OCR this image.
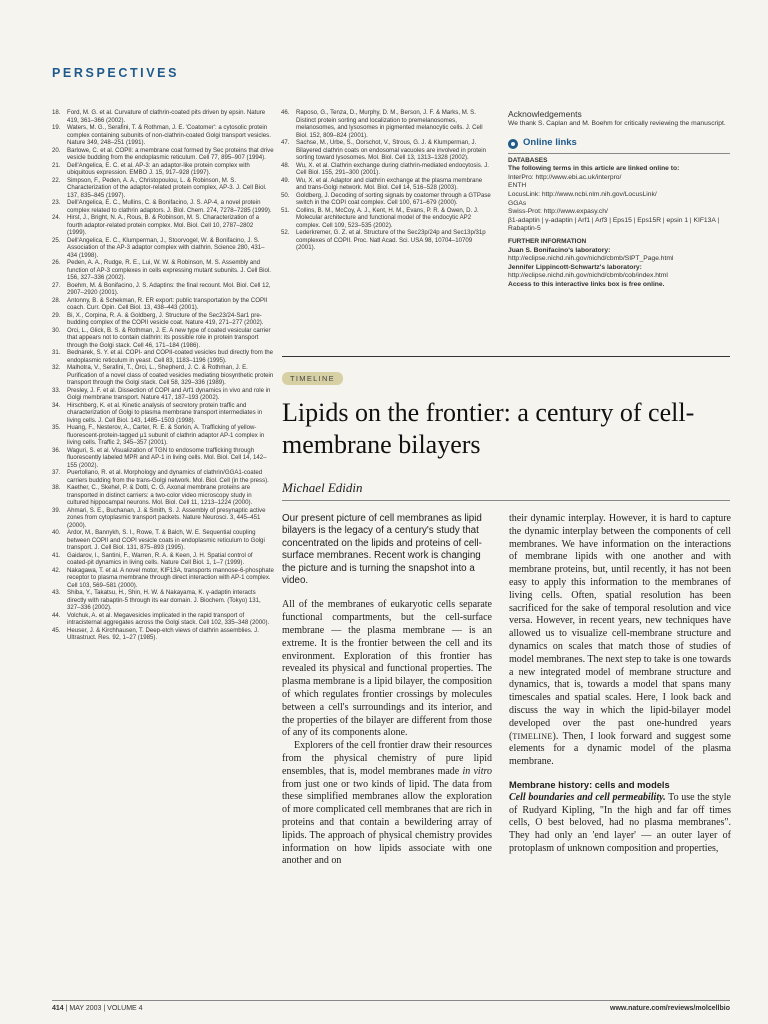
PERSPECTIVES
18.	Ford, M. G. et al. Curvature of clathrin-coated pits driven by epsin. Nature 419, 361–366 (2002).
19.	Waters, M. G., Serafini, T. & Rothman, J. E. 'Coatomer': a cytosolic protein complex containing subunits of non-clathrin-coated Golgi transport vesicles. Nature 349, 248–251 (1991).
20.	Barlowe, C. et al. COPII: a membrane coat formed by Sec proteins that drive vesicle budding from the endoplasmic reticulum. Cell 77, 895–907 (1994).
21.	Dell'Angelica, E. C. et al. AP-3: an adaptor-like protein complex with ubiquitous expression. EMBO J. 15, 917–928 (1997).
22.	Simpson, F., Peden, A. A., Christopoulou, L. & Robinson, M. S. Characterization of the adaptor-related protein complex, AP-3. J. Cell Biol. 137, 835–845 (1997).
23.	Dell'Angelica, E. C., Mullins, C. & Bonifacino, J. S. AP-4, a novel protein complex related to clathrin adaptors. J. Biol. Chem. 274, 7278–7285 (1999).
24.	Hirst, J., Bright, N. A., Rous, B. & Robinson, M. S. Characterization of a fourth adaptor-related protein complex. Mol. Biol. Cell 10, 2787–2802 (1999).
25.	Dell'Angelica, E. C., Klumperman, J., Stoorvogel, W. & Bonifacino, J. S. Association of the AP-3 adaptor complex with clathrin. Science 280, 431–434 (1998).
26.	Peden, A. A., Rudge, R. E., Lui, W. W. & Robinson, M. S. Assembly and function of AP-3 complexes in cells expressing mutant subunits. J. Cell Biol. 156, 327–336 (2002).
27.	Boehm, M. & Bonifacino, J. S. Adaptins: the final recount. Mol. Biol. Cell 12, 2907–2920 (2001).
28.	Antonny, B. & Schekman, R. ER export: public transportation by the COPII coach. Curr. Opin. Cell Biol. 13, 438–443 (2001).
29.	Bi, X., Corpina, R. A. & Goldberg, J. Structure of the Sec23/24-Sar1 pre-budding complex of the COPII vesicle coat. Nature 419, 271–277 (2002).
30.	Orci, L., Glick, B. S. & Rothman, J. E. A new type of coated vesicular carrier that appears not to contain clathrin: its possible role in protein transport through the Golgi stack. Cell 46, 171–184 (1986).
31.	Bednarek, S. Y. et al. COPI- and COPII-coated vesicles bud directly from the endoplasmic reticulum in yeast. Cell 83, 1183–1196 (1995).
32.	Malhotra, V., Serafini, T., Orci, L., Shepherd, J. C. & Rothman, J. E. Purification of a novel class of coated vesicles mediating biosynthetic protein transport through the Golgi stack. Cell 58, 329–336 (1989).
33.	Presley, J. F. et al. Dissection of COPI and Arf1 dynamics in vivo and role in Golgi membrane transport. Nature 417, 187–193 (2002).
34.	Hirschberg, K. et al. Kinetic analysis of secretory protein traffic and characterization of Golgi to plasma membrane transport intermediates in living cells. J. Cell Biol. 143, 1485–1503 (1998).
35.	Huang, F., Nesterov, A., Carter, R. E. & Sorkin, A. Trafficking of yellow-fluorescent-protein-tagged μ1 subunit of clathrin adaptor AP-1 complex in living cells. Traffic 2, 345–357 (2001).
36.	Waguri, S. et al. Visualization of TGN to endosome trafficking through fluorescently labeled MPR and AP-1 in living cells. Mol. Biol. Cell 14, 142–155 (2002).
37.	Puertollano, R. et al. Morphology and dynamics of clathrin/GGA1-coated carriers budding from the trans-Golgi network. Mol. Biol. Cell (in the press).
38.	Kaether, C., Skehel, P. & Dotti, C. G. Axonal membrane proteins are transported in distinct carriers: a two-color video microscopy study in cultured hippocampal neurons. Mol. Biol. Cell 11, 1213–1224 (2000).
39.	Ahmari, S. E., Buchanan, J. & Smith, S. J. Assembly of presynaptic active zones from cytoplasmic transport packets. Nature Neurosci. 3, 445–451 (2000).
40.	Ardor, M., Bannykh, S. I., Rowe, T. & Balch, W. E. Sequential coupling between COPII and COPI vesicle coats in endoplasmic reticulum to Golgi transport. J. Cell Biol. 131, 875–893 (1995).
41.	Gaidarov, I., Santini, F., Warren, R. A. & Keen, J. H. Spatial control of coated-pit dynamics in living cells. Nature Cell Biol. 1, 1–7 (1999).
42.	Nakagawa, T. et al. A novel motor, KIF13A, transports mannose-6-phosphate receptor to plasma membrane through direct interaction with AP-1 complex. Cell 103, 569–581 (2000).
43.	Shiba, Y., Takatsu, H., Shin, H. W. & Nakayama, K. γ-adaptin interacts directly with rabaptin-5 through its ear domain. J. Biochem. (Tokyo) 131, 327–336 (2002).
44.	Volchuk, A. et al. Megavesicles implicated in the rapid transport of intracisternal aggregates across the Golgi stack. Cell 102, 335–348 (2000).
45.	Heuser, J. & Kirchhausen, T. Deep-etch views of clathrin assemblies. J. Ultrastruct. Res. 92, 1–27 (1985).
46.	Raposo, G., Tenza, D., Murphy, D. M., Berson, J. F. & Marks, M. S. Distinct protein sorting and localization to premelanosomes, melanosomes, and lysosomes in pigmented melanocytic cells. J. Cell Biol. 152, 809–824 (2001).
47.	Sachse, M., Urbe, S., Oorschot, V., Strous, G. J. & Klumperman, J. Bilayered clathrin coats on endosomal vacuoles are involved in protein sorting toward lysosomes. Mol. Biol. Cell 13, 1313–1328 (2002).
48.	Wu, X. et al. Clathrin exchange during clathrin-mediated endocytosis. J. Cell Biol. 155, 291–300 (2001).
49.	Wu, X. et al. Adaptor and clathrin exchange at the plasma membrane and trans-Golgi network. Mol. Biol. Cell 14, 516–528 (2003).
50.	Goldberg, J. Decoding of sorting signals by coatomer through a GTPase switch in the COPI coat complex. Cell 100, 671–679 (2000).
51.	Collins, B. M., McCoy, A. J., Kent, H. M., Evans, P. R. & Owen, D. J. Molecular architecture and functional model of the endocytic AP2 complex. Cell 109, 523–535 (2002).
52.	Lederkremer, G. Z. et al. Structure of the Sec23p/24p and Sec13p/31p complexes of COPII. Proc. Natl Acad. Sci. USA 98, 10704–10709 (2001).
Acknowledgements

We thank S. Caplan and M. Boehm for critically reviewing the manuscript.

Online links
DATABASES

The following terms in this article are linked online to:

InterPro: http://www.ebi.ac.uk/interpro/

ENTH

LocusLink: http://www.ncbi.nlm.nih.gov/LocusLink/

GGAs

Swiss-Prot: http://www.expasy.ch/

β1-adaptin | γ-adaptin | Arf1 | Arf3 | Eps15 | Eps15R | epsin 1 | KIF13A | Rabaptin-5

FURTHER INFORMATION

Juan S. Bonifacino's laboratory:

http://eclipse.nichd.nih.gov/nichd/cbmb/SIPT_Page.html

Jennifer Lippincott-Schwartz's laboratory:

http://eclipse.nichd.nih.gov/nichd/cbmb/cob/index.html

Access to this interactive links box is free online.

TIMELINE
Lipids on the frontier: a century of cell-membrane bilayers
Michael Edidin

Our present picture of cell membranes as lipid bilayers is the legacy of a century's study that concentrated on the lipids and proteins of cell-surface membranes. Recent work is changing the picture and is turning the snapshot into a video.

All of the membranes of eukaryotic cells separate functional compartments, but the cell-surface membrane — the plasma membrane — is an extreme. It is the frontier between the cell and its environment. Exploration of this frontier has revealed its physical and functional properties. The plasma membrane is a lipid bilayer, the composition of which regulates frontier crossings by molecules between a cell's surroundings and its interior, and the properties of the bilayer are different from those of any of its components alone.

Explorers of the cell frontier draw their resources from the physical chemistry of pure lipid ensembles, that is, model membranes made in vitro from just one or two kinds of lipid. The data from these simplified membranes allow the exploration of more complicated cell membranes that are rich in proteins and that contain a bewildering array of lipids. The approach of physical chemistry provides information on how lipids associate with one another and on

their dynamic interplay. However, it is hard to capture the dynamic interplay between the components of cell membranes. We have information on the interactions of membrane lipids with one another and with membrane proteins, but, until recently, it has not been easy to apply this information to the membranes of living cells. Often, spatial resolution has been sacrificed for the sake of temporal resolution and vice versa. However, in recent years, new techniques have allowed us to visualize cell-membrane structure and dynamics on scales that match those of studies of model membranes. The next step to take is one towards a new integrated model of membrane structure and dynamics, that is, towards a model that spans many timescales and spatial scales. Here, I look back and discuss the way in which the lipid-bilayer model developed over the past one-hundred years (TIMELINE). Then, I look forward and suggest some elements for a dynamic model of the plasma membrane.

Membrane history: cells and models

Cell boundaries and cell permeability. To use the style of Rudyard Kipling, "In the high and far off times cells, O best beloved, had no plasma membranes". They had only an 'end layer' — an outer layer of protoplasm of unknown composition and properties,

414 | MAY 2003 | VOLUME 4	www.nature.com/reviews/molcellbio
